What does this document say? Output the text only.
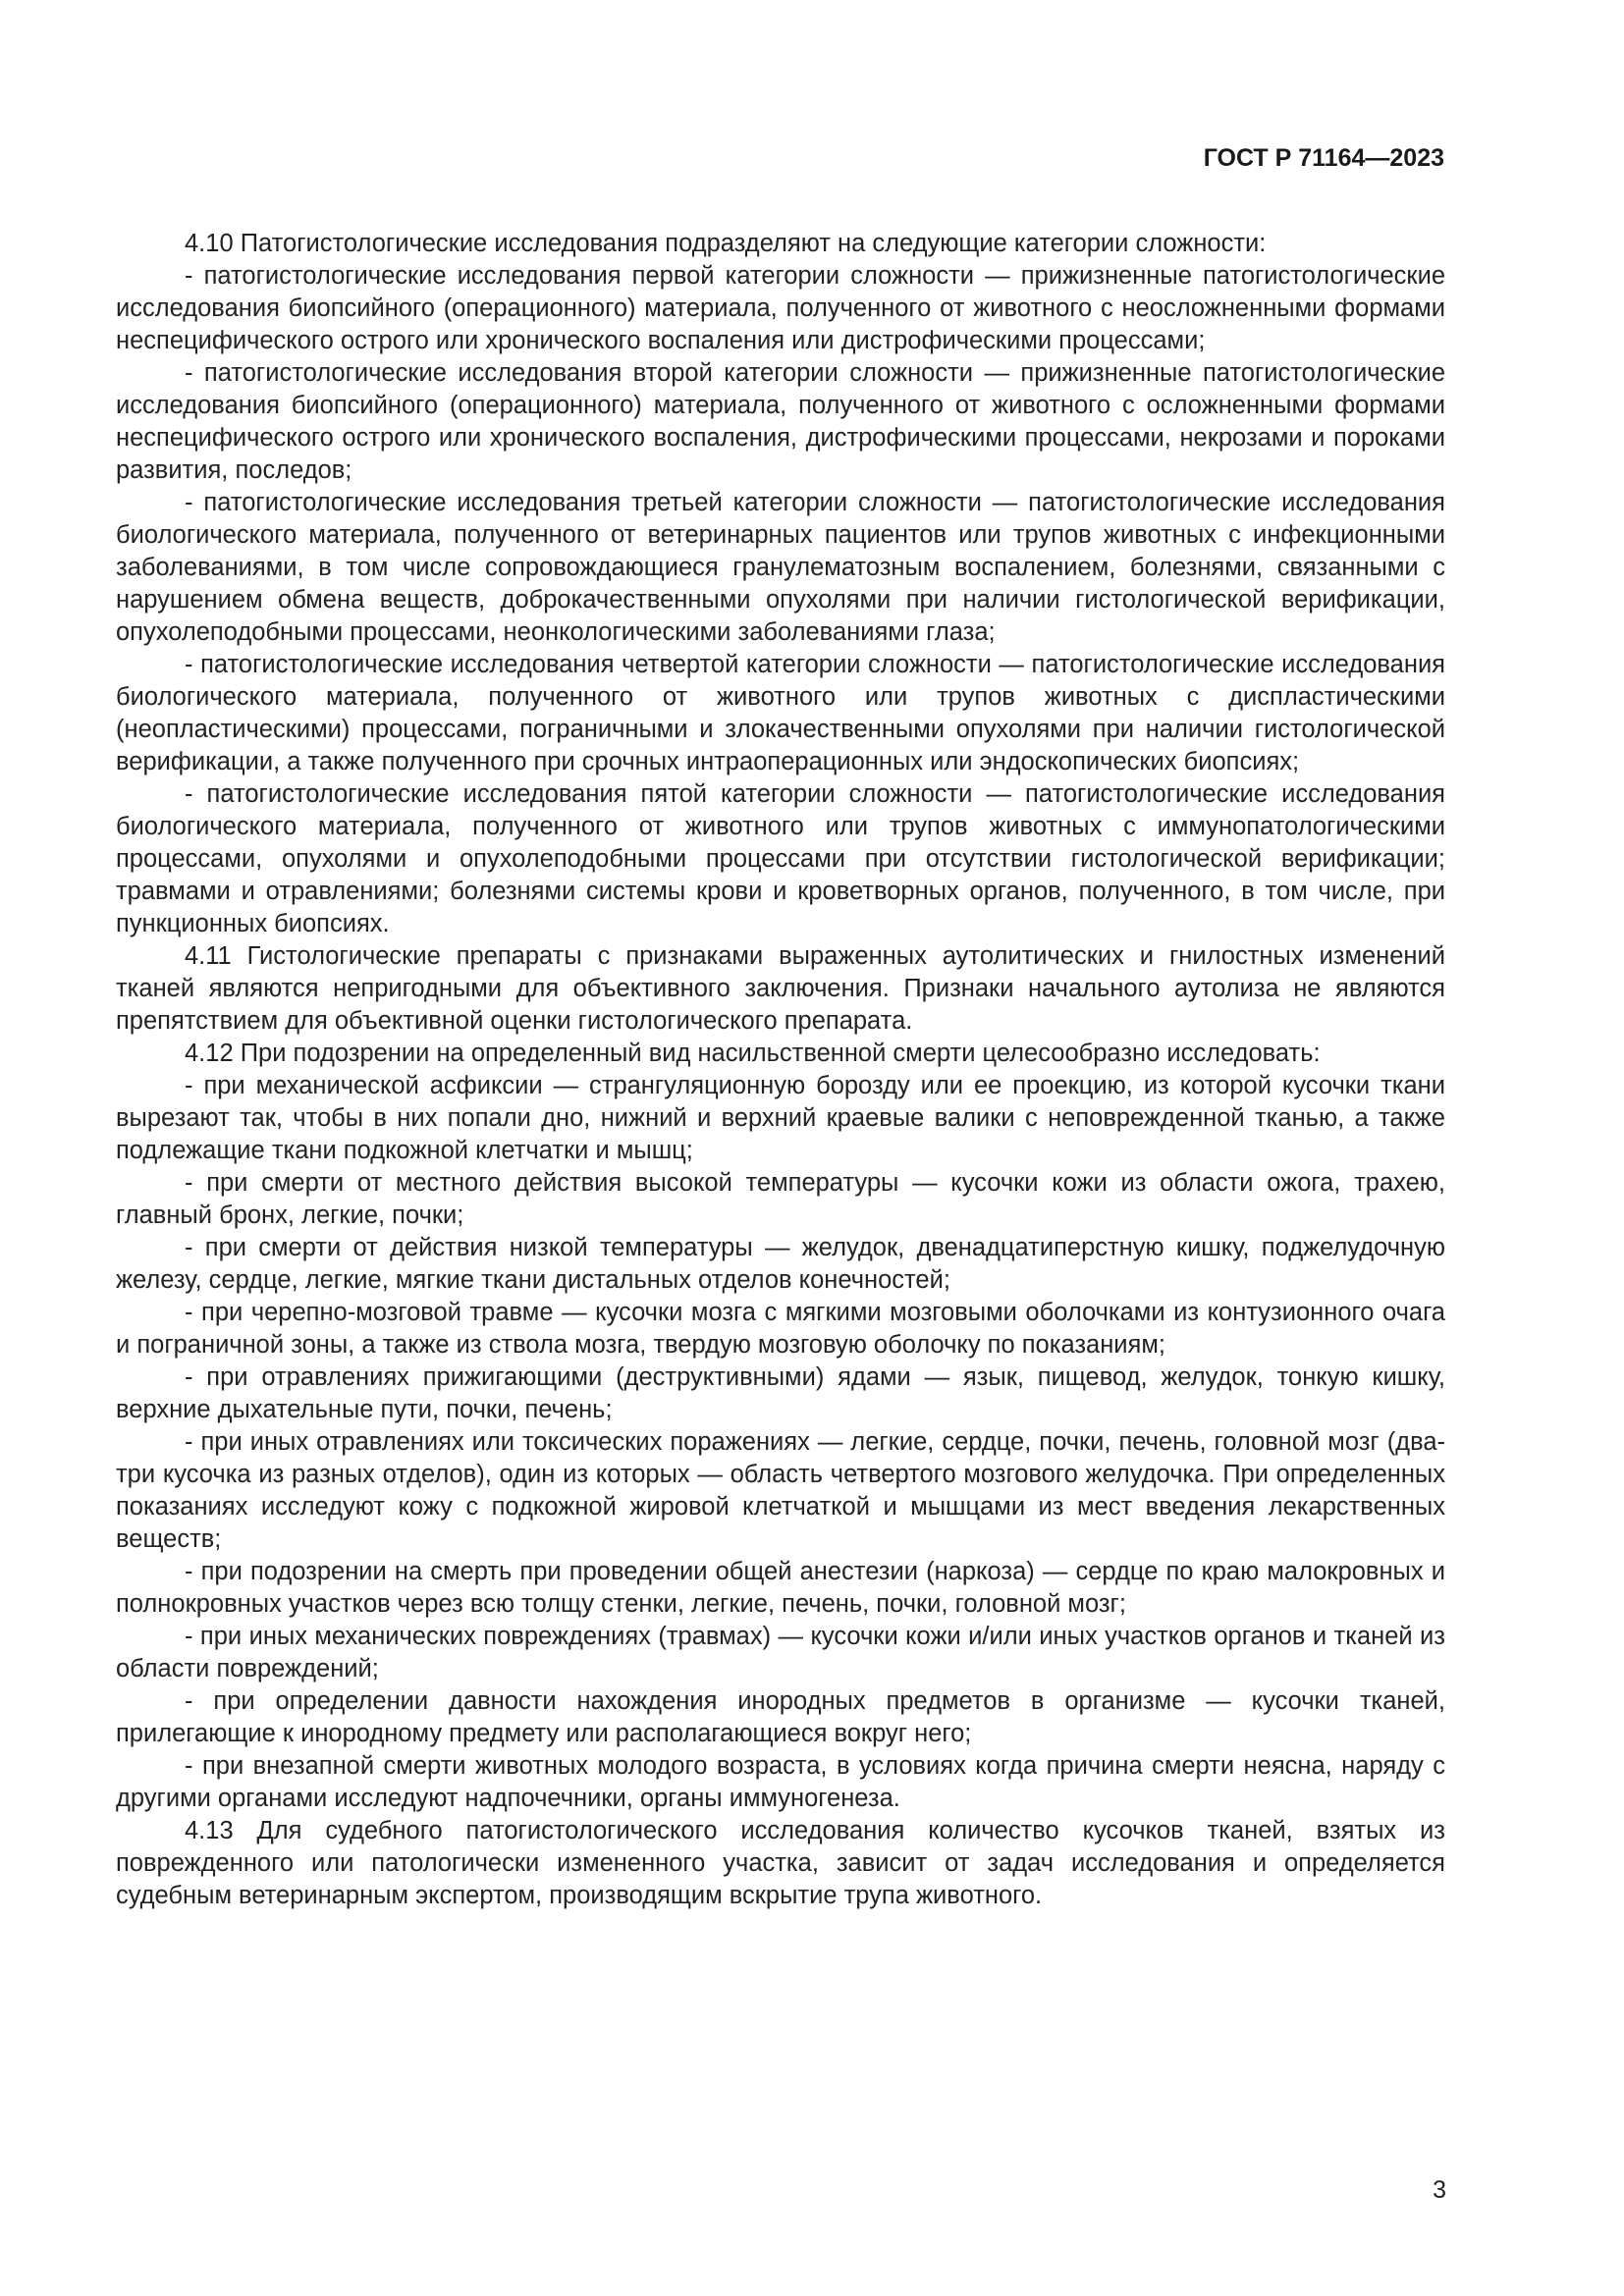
ГОСТ Р 71164—2023

4.10 Патогистологические исследования подразделяют на следующие категории сложности:

- патогистологические исследования первой категории сложности — прижизненные патогистологические исследования биопсийного (операционного) материала, полученного от животного с неосложненными формами неспецифического острого или хронического воспаления или дистрофическими процессами;

- патогистологические исследования второй категории сложности — прижизненные патогистологические исследования биопсийного (операционного) материала, полученного от животного с осложненными формами неспецифического острого или хронического воспаления, дистрофическими процессами, некрозами и пороками развития, последов;

- патогистологические исследования третьей категории сложности — патогистологические исследования биологического материала, полученного от ветеринарных пациентов или трупов животных с инфекционными заболеваниями, в том числе сопровождающиеся гранулематозным воспалением, болезнями, связанными с нарушением обмена веществ, доброкачественными опухолями при наличии гистологической верификации, опухолеподобными процессами, неонкологическими заболеваниями глаза;

- патогистологические исследования четвертой категории сложности — патогистологические исследования биологического материала, полученного от животного или трупов животных с диспластическими (неопластическими) процессами, пограничными и злокачественными опухолями при наличии гистологической верификации, а также полученного при срочных интраоперационных или эндоскопических биопсиях;

- патогистологические исследования пятой категории сложности — патогистологические исследования биологического материала, полученного от животного или трупов животных с иммунопатологическими процессами, опухолями и опухолеподобными процессами при отсутствии гистологической верификации; травмами и отравлениями; болезнями системы крови и кроветворных органов, полученного, в том числе, при пункционных биопсиях.

4.11 Гистологические препараты с признаками выраженных аутолитических и гнилостных изменений тканей являются непригодными для объективного заключения. Признаки начального аутолиза не являются препятствием для объективной оценки гистологического препарата.

4.12 При подозрении на определенный вид насильственной смерти целесообразно исследовать:

- при механической асфиксии — странгуляционную борозду или ее проекцию, из которой кусочки ткани вырезают так, чтобы в них попали дно, нижний и верхний краевые валики с неповрежденной тканью, а также подлежащие ткани подкожной клетчатки и мышц;

- при смерти от местного действия высокой температуры — кусочки кожи из области ожога, трахею, главный бронх, легкие, почки;

- при смерти от действия низкой температуры — желудок, двенадцатиперстную кишку, поджелудочную железу, сердце, легкие, мягкие ткани дистальных отделов конечностей;

- при черепно-мозговой травме — кусочки мозга с мягкими мозговыми оболочками из контузионного очага и пограничной зоны, а также из ствола мозга, твердую мозговую оболочку по показаниям;

- при отравлениях прижигающими (деструктивными) ядами — язык, пищевод, желудок, тонкую кишку, верхние дыхательные пути, почки, печень;

- при иных отравлениях или токсических поражениях — легкие, сердце, почки, печень, головной мозг (два-три кусочка из разных отделов), один из которых — область четвертого мозгового желудочка. При определенных показаниях исследуют кожу с подкожной жировой клетчаткой и мышцами из мест введения лекарственных веществ;

- при подозрении на смерть при проведении общей анестезии (наркоза) — сердце по краю малокровных и полнокровных участков через всю толщу стенки, легкие, печень, почки, головной мозг;

- при иных механических повреждениях (травмах) — кусочки кожи и/или иных участков органов и тканей из области повреждений;

- при определении давности нахождения инородных предметов в организме — кусочки тканей, прилегающие к инородному предмету или располагающиеся вокруг него;

- при внезапной смерти животных молодого возраста, в условиях когда причина смерти неясна, наряду с другими органами исследуют надпочечники, органы иммуногенеза.

4.13 Для судебного патогистологического исследования количество кусочков тканей, взятых из поврежденного или патологически измененного участка, зависит от задач исследования и определяется судебным ветеринарным экспертом, производящим вскрытие трупа животного.

3
